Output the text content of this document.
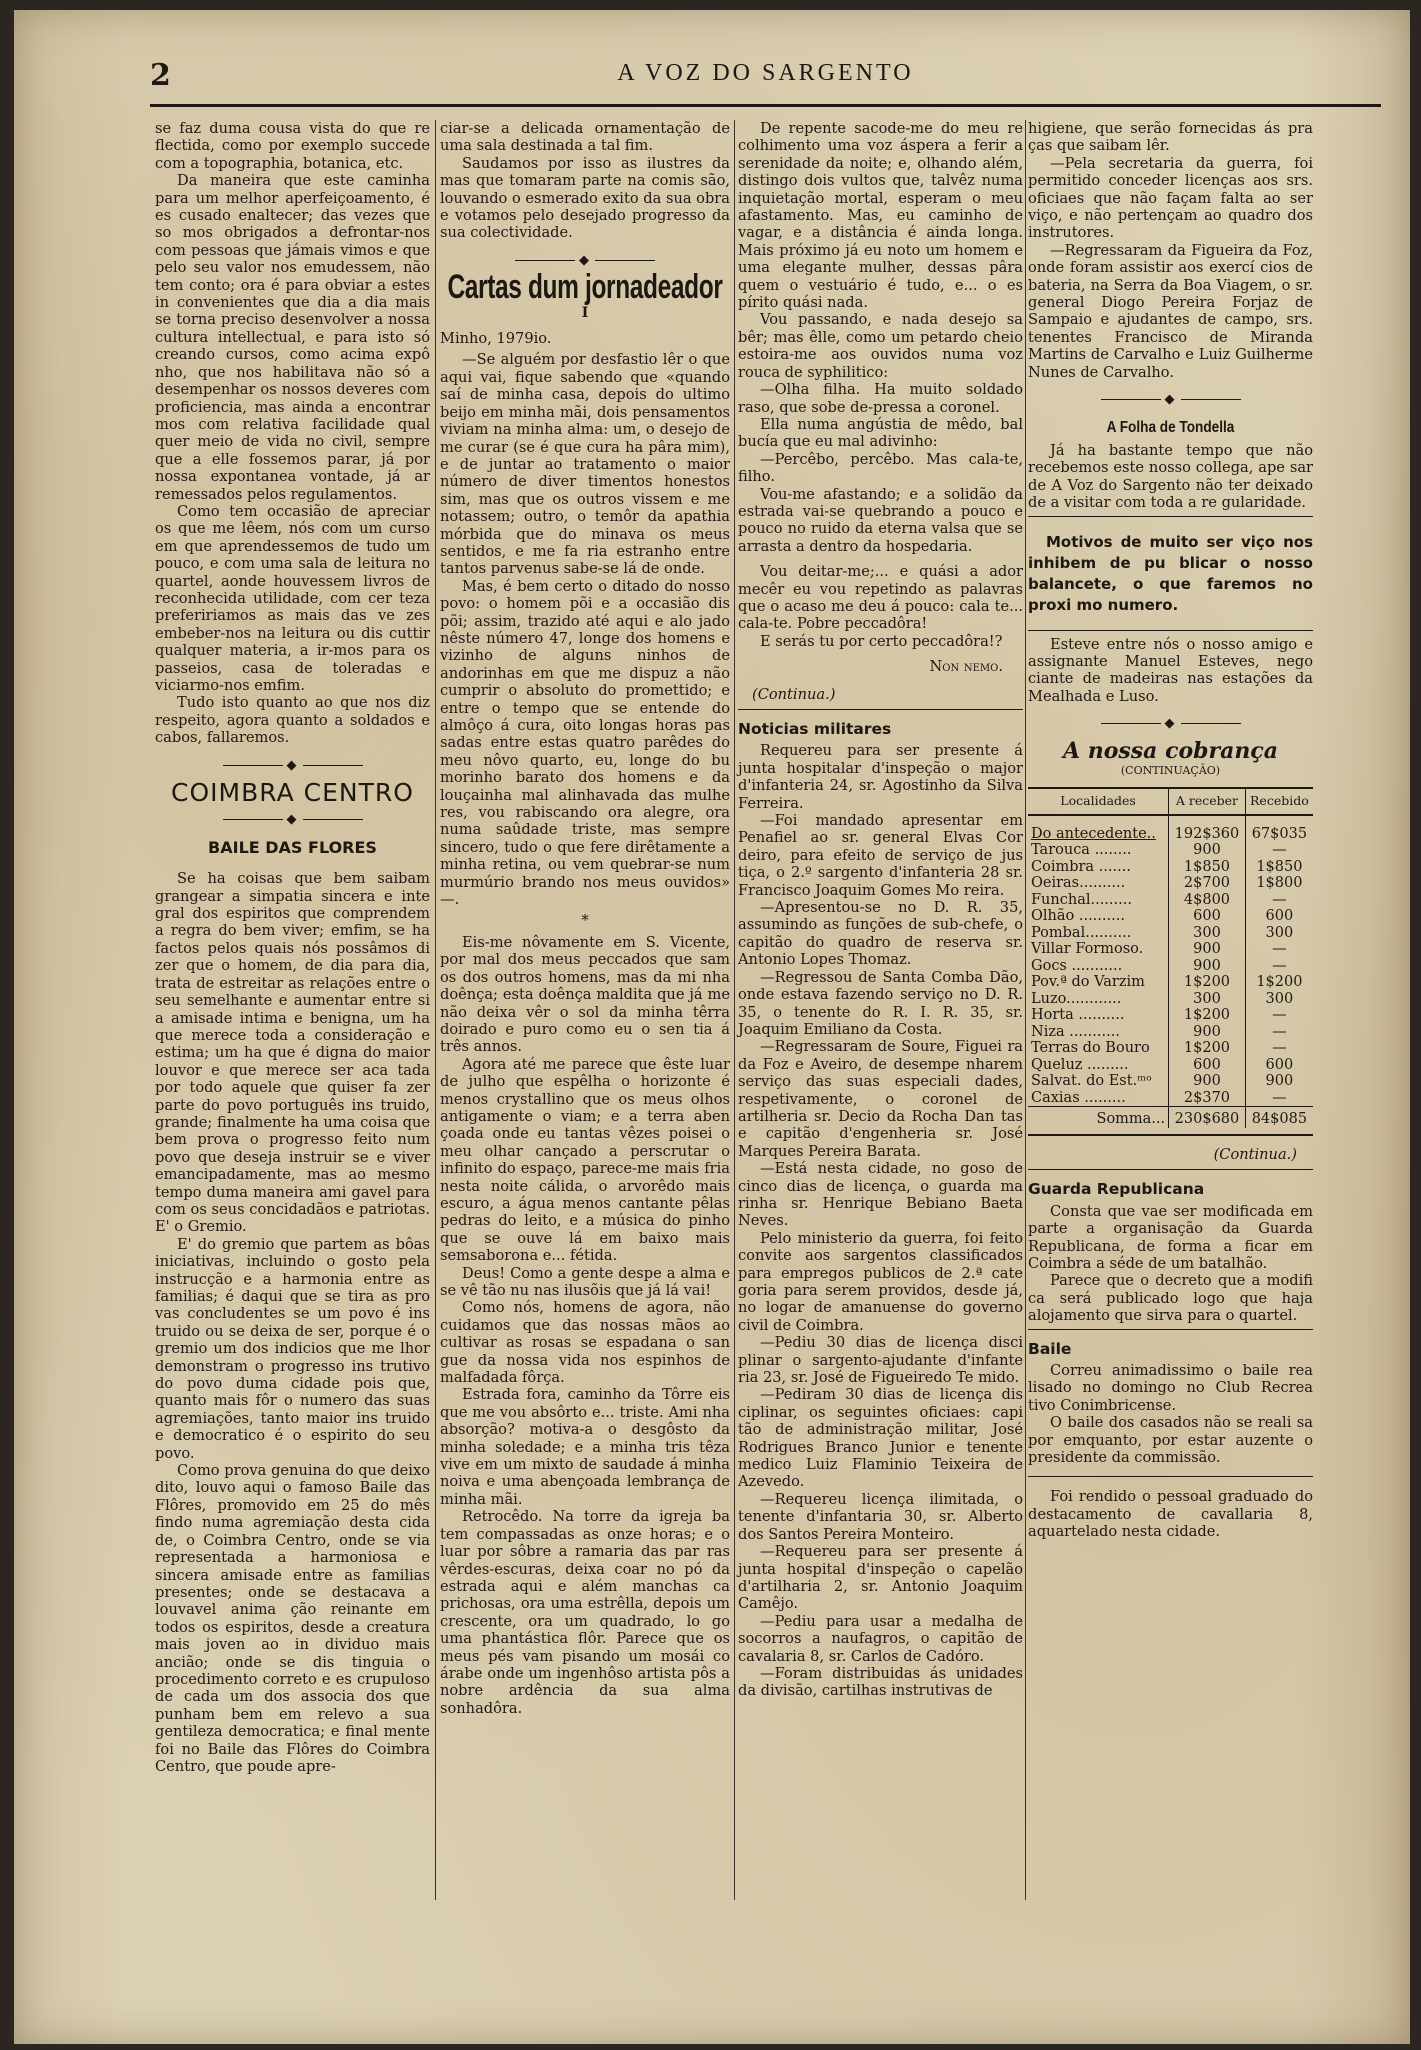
2	A VOZ DO SARGENTO

se faz duma cousa vista do que re flectida, como por exemplo succede com a topographia, botanica, etc.

Da maneira que este caminha para um melhor aperfeiçoamento, é es cusado enaltecer; das vezes que so mos obrigados a defrontar-nos com pessoas que jámais vimos e que pelo seu valor nos emudessem, não tem conto; ora é para obviar a estes in convenientes que dia a dia mais se torna preciso desenvolver a nossa cultura intellectual, e para isto só creando cursos, como acima expô nho, que nos habilitava não só a desempenhar os nossos deveres com proficiencia, mas ainda a encontrar mos com relativa facilidade qual quer meio de vida no civil, sempre que a elle fossemos parar, já por nossa expontanea vontade, já ar remessados pelos regulamentos.

Como tem occasião de apreciar os que me lêem, nós com um curso em que aprendessemos de tudo um pouco, e com uma sala de leitura no quartel, aonde houvessem livros de reconhecida utilidade, com cer teza prefeririamos as mais das ve zes embeber-nos na leitura ou dis cuttir qualquer materia, a ir-mos para os passeios, casa de toleradas e viciarmo-nos emfim.

Tudo isto quanto ao que nos diz respeito, agora quanto a soldados e cabos, fallaremos.

◆
COIMBRA CENTRO
◆
BAILE DAS FLORES

Se ha coisas que bem saibam grangear a simpatia sincera e inte gral dos espiritos que comprendem a regra do bem viver; emfim, se ha factos pelos quais nós possâmos di zer que o homem, de dia para dia, trata de estreitar as relações entre o seu semelhante e aumentar entre si a amisade intima e benigna, um ha que merece toda a consideração e estima; um ha que é digna do maior louvor e que merece ser aca tada por todo aquele que quiser fa zer parte do povo português ins truido, grande; finalmente ha uma coisa que bem prova o progresso feito num povo que deseja instruir se e viver emancipadamente, mas ao mesmo tempo duma maneira ami gavel para com os seus concidadãos e patriotas. E' o Gremio.

E' do gremio que partem as bôas iniciativas, incluindo o gosto pela instrucção e a harmonia entre as familias; é daqui que se tira as pro vas concludentes se um povo é ins truido ou se deixa de ser, porque é o gremio um dos indicios que me lhor demonstram o progresso ins trutivo do povo duma cidade pois que, quanto mais fôr o numero das suas agremiações, tanto maior ins truido e democratico é o espirito do seu povo.

Como prova genuina do que deixo dito, louvo aqui o famoso Baile das Flôres, promovido em 25 do mês findo numa agremiação desta cida de, o Coimbra Centro, onde se via representada a harmoniosa e sincera amisade entre as familias presentes; onde se destacava a louvavel anima ção reinante em todos os espiritos, desde a creatura mais joven ao in dividuo mais ancião; onde se dis tinguia o procedimento correto e es crupuloso de cada um dos associa dos que punham bem em relevo a sua gentileza democratica; e final mente foi no Baile das Flôres do Coimbra Centro, que poude apre-

ciar-se a delicada ornamentação de uma sala destinada a tal fim.

Saudamos por isso as ilustres da mas que tomaram parte na comis são, louvando o esmerado exito da sua obra e votamos pelo desejado progresso da sua colectividade.

◆
Cartas dum jornadeador
I
Minho, 1979io.

—Se alguém por desfastio lêr o que aqui vai, fique sabendo que «quando saí de minha casa, depois do ultimo beijo em minha mãi, dois pensamentos viviam na minha alma: um, o desejo de me curar (se é que cura ha pâra mim), e de juntar ao tratamento o maior número de diver timentos honestos sim, mas que os outros vissem e me notassem; outro, o temôr da apathia mórbida que do minava os meus sentidos, e me fa ria estranho entre tantos parvenus sabe-se lá de onde.

Mas, é bem certo o ditado do nosso povo: o homem põi e a occasião dis põi; assim, trazido até aqui e alo jado nêste número 47, longe dos homens e vizinho de alguns ninhos de andorinhas em que me dispuz a não cumprir o absoluto do promettido; e entre o tempo que se entende do almôço á cura, oito longas horas pas sadas entre estas quatro parêdes do meu nôvo quarto, eu, longe do bu morinho barato dos homens e da louçainha mal alinhavada das mulhe res, vou rabiscando ora alegre, ora numa saûdade triste, mas sempre sincero, tudo o que fere dirêtamente a minha retina, ou vem quebrar-se num murmúrio brando nos meus ouvidos» —.

*

Eis-me nôvamente em S. Vicente, por mal dos meus peccados que sam os dos outros homens, mas da mi nha doênça; esta doênça maldita que já me não deixa vêr o sol da minha têrra doirado e puro como eu o sen tia á três annos.

Agora até me parece que êste luar de julho que espêlha o horizonte é menos crystallino que os meus olhos antigamente o viam; e a terra aben çoada onde eu tantas vêzes poisei o meu olhar cançado a perscrutar o infinito do espaço, parece-me mais fria nesta noite cálida, o arvorêdo mais escuro, a água menos cantante pêlas pedras do leito, e a música do pinho que se ouve lá em baixo mais semsaborona e... fétida.

Deus! Como a gente despe a alma e se vê tão nu nas ilusõis que já lá vai!

Como nós, homens de agora, não cuidamos que das nossas mãos ao cultivar as rosas se espadana o san gue da nossa vida nos espinhos de malfadada fôrça.

Estrada fora, caminho da Tôrre eis que me vou absôrto e... triste. Ami nha absorção? motiva-a o desgôsto da minha soledade; e a minha tris têza vive em um mixto de saudade á minha noiva e uma abençoada lembrança de minha mãi.

Retrocêdo. Na torre da igreja ba tem compassadas as onze horas; e o luar por sôbre a ramaria das par ras vêrdes-escuras, deixa coar no pó da estrada aqui e além manchas ca prichosas, ora uma estrêlla, depois um crescente, ora um quadrado, lo go uma phantástica flôr. Parece que os meus pés vam pisando um mosái co árabe onde um ingenhôso artista pôs a nobre ardência da sua alma sonhadôra.

De repente sacode-me do meu re colhimento uma voz áspera a ferir a serenidade da noite; e, olhando além, distingo dois vultos que, talvêz numa inquietação mortal, esperam o meu afastamento. Mas, eu caminho de vagar, e a distância é ainda longa. Mais próximo já eu noto um homem e uma elegante mulher, dessas pâra quem o vestuário é tudo, e... o es pírito quási nada.

Vou passando, e nada desejo sa bêr; mas êlle, como um petardo cheio estoira-me aos ouvidos numa voz rouca de syphilitico:

—Olha filha. Ha muito soldado raso, que sobe de-pressa a coronel.

Ella numa angústia de mêdo, bal bucía que eu mal adivinho:

—Percêbo, percêbo. Mas cala-te, filho.

Vou-me afastando; e a solidão da estrada vai-se quebrando a pouco e pouco no ruido da eterna valsa que se arrasta a dentro da hospedaria.

Vou deitar-me;... e quási a ador mecêr eu vou repetindo as palavras que o acaso me deu á pouco: cala te... cala-te. Pobre peccadôra!

E serás tu por certo peccadôra!?

Non nemo.
(Continua.)
Noticias militares

Requereu para ser presente á junta hospitalar d'inspeção o major d'infanteria 24, sr. Agostinho da Silva Ferreira.

—Foi mandado apresentar em Penafiel ao sr. general Elvas Cor deiro, para efeito de serviço de jus tiça, o 2.º sargento d'infanteria 28 sr. Francisco Joaquim Gomes Mo reira.

—Apresentou-se no D. R. 35, assumindo as funções de sub-chefe, o capitão do quadro de reserva sr. Antonio Lopes Thomaz.

—Regressou de Santa Comba Dão, onde estava fazendo serviço no D. R. 35, o tenente do R. I. R. 35, sr. Joaquim Emiliano da Costa.

—Regressaram de Soure, Figuei ra da Foz e Aveiro, de desempe nharem serviço das suas especiali dades, respetivamente, o coronel de artilheria sr. Decio da Rocha Dan tas e capitão d'engenheria sr. José Marques Pereira Barata.

—Está nesta cidade, no goso de cinco dias de licença, o guarda ma rinha sr. Henrique Bebiano Baeta Neves.

Pelo ministerio da guerra, foi feito convite aos sargentos classificados para empregos publicos de 2.ª cate goria para serem providos, desde já, no logar de amanuense do governo civil de Coimbra.

—Pediu 30 dias de licença disci plinar o sargento-ajudante d'infante ria 23, sr. José de Figueiredo Te mido.

—Pediram 30 dias de licença dis ciplinar, os seguintes oficiaes: capi tão de administração militar, José Rodrigues Branco Junior e tenente medico Luiz Flaminio Teixeira de Azevedo.

—Requereu licença ilimitada, o tenente d'infantaria 30, sr. Alberto dos Santos Pereira Monteiro.

—Requereu para ser presente á junta hospital d'inspeção o capelão d'artilharia 2, sr. Antonio Joaquim Camêjo.

—Pediu para usar a medalha de socorros a naufagros, o capitão de cavalaria 8, sr. Carlos de Cadóro.

—Foram distribuidas ás unidades da divisão, cartilhas instrutivas de

higiene, que serão fornecidas ás pra ças que saibam lêr.

—Pela secretaria da guerra, foi permitido conceder licenças aos srs. oficiaes que não façam falta ao ser viço, e não pertençam ao quadro dos instrutores.

—Regressaram da Figueira da Foz, onde foram assistir aos exercí cios de bateria, na Serra da Boa Viagem, o sr. general Diogo Pereira Forjaz de Sampaio e ajudantes de campo, srs. tenentes Francisco de Miranda Martins de Carvalho e Luiz Guilherme Nunes de Carvalho.

◆
A Folha de Tondella

Já ha bastante tempo que não recebemos este nosso collega, ape sar de A Voz do Sargento não ter deixado de a visitar com toda a re gularidade.

Motivos de muito ser viço nos inhibem de pu blicar o nosso balancete, o que faremos no proxi mo numero.

Esteve entre nós o nosso amigo e assignante Manuel Esteves, nego ciante de madeiras nas estações da Mealhada e Luso.

◆
A nossa cobrança
(CONTINUAÇÃO)
Localidades	A receber	Recebido
Do antecedente..	192$360	67$035
Tarouca ........	900	—
Coimbra .......	1$850	1$850
Oeiras..........	2$700	1$800
Funchal.........	4$800	—
Olhão ..........	600	600
Pombal..........	300	300
Villar Formoso.	900	—
Gocs ...........	900	—
Pov.ª do Varzim	1$200	1$200
Luzo............	300	300
Horta ..........	1$200	—
Niza ...........	900	—
Terras do Bouro	1$200	—
Queluz .........	600	600
Salvat. do Est.ᵐᵒ	900	900
Caxias .........	2$370	—
Somma...	230$680	84$085
(Continua.)
Guarda Republicana

Consta que vae ser modificada em parte a organisação da Guarda Republicana, de forma a ficar em Coimbra a séde de um batalhão.

Parece que o decreto que a modifi ca será publicado logo que haja alojamento que sirva para o quartel.

Baile

Correu animadissimo o baile rea lisado no domingo no Club Recrea tivo Conimbricense.

O baile dos casados não se reali sa por emquanto, por estar auzente o presidente da commissão.

Foi rendido o pessoal graduado do destacamento de cavallaria 8, aquartelado nesta cidade.
